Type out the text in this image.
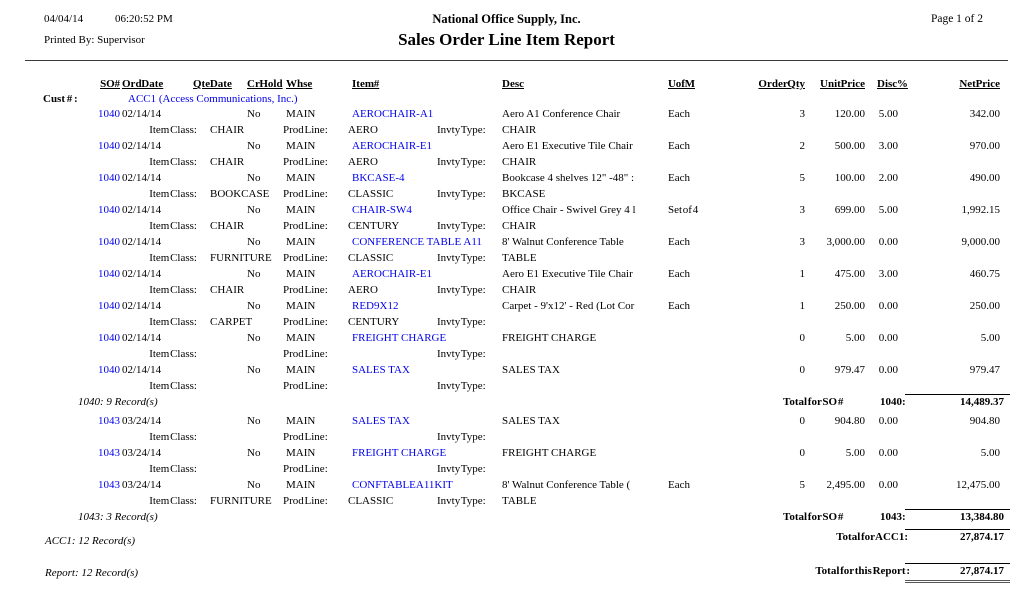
04/04/14	06:20:52 PM
Printed By: Supervisor
National Office Supply, Inc.
Sales Order Line Item Report
Page 1 of 2
SO # Ord Date	Qte Date Cr Hold Whse	Item #	Desc	U of M	Order Qty	Unit Price Disc %	Net Price
Cust # :	ACC1 (Access Communications, Inc.)
1040 02/14/14	No MAIN	AEROCHAIR-A1	Aero A1 Conference Chair	Each	3	120.00	5.00	342.00
Item Class: CHAIR	Prod Line: AERO	Invty Type: CHAIR
1040 02/14/14	No MAIN	AEROCHAIR-E1	Aero E1 Executive Tile Chair	Each	2	500.00	3.00	970.00
Item Class: CHAIR	Prod Line: AERO	Invty Type: CHAIR
1040 02/14/14	No MAIN	BKCASE-4	Bookcase 4 shelves 12" -48" :	Each	5	100.00	2.00	490.00
Item Class: BOOKCASE Prod Line: CLASSIC	Invty Type: BKCASE
1040 02/14/14	No MAIN	CHAIR-SW4	Office Chair - Swivel Grey 4 l	Set of 4	3	699.00	5.00	1,992.15
Item Class: CHAIR	Prod Line: CENTURY	Invty Type: CHAIR
1040 02/14/14	No MAIN	CONFERENCE TABLE A11	8' Walnut Conference Table	Each	3	3,000.00	0.00	9,000.00
Item Class: FURNITURE Prod Line: CLASSIC	Invty Type: TABLE
1040 02/14/14	No MAIN	AEROCHAIR-E1	Aero E1 Executive Tile Chair	Each	1	475.00	3.00	460.75
Item Class: CHAIR	Prod Line: AERO	Invty Type: CHAIR
1040 02/14/14	No MAIN	RED9X12	Carpet - 9'x12' - Red (Lot Cor	Each	1	250.00	0.00	250.00
Item Class: CARPET	Prod Line: CENTURY	Invty Type:
1040 02/14/14	No MAIN	FREIGHT CHARGE	FREIGHT CHARGE	0	5.00	0.00	5.00
Item Class:	Prod Line:	Invty Type:
1040 02/14/14	No MAIN	SALES TAX	SALES TAX	0	979.47	0.00	979.47
Item Class:	Prod Line:	Invty Type:
1040: 9 Record(s)	Total for SO #	1040:	14,489.37
1043 03/24/14	No MAIN	SALES TAX	SALES TAX	0	904.80	0.00	904.80
Item Class:	Prod Line:	Invty Type:
1043 03/24/14	No MAIN	FREIGHT CHARGE	FREIGHT CHARGE	0	5.00	0.00	5.00
Item Class:	Prod Line:	Invty Type:
1043 03/24/14	No MAIN	CONFTABLEA11KIT	8' Walnut Conference Table (	Each	5	2,495.00	0.00	12,475.00
Item Class: FURNITURE Prod Line: CLASSIC	Invty Type: TABLE
1043: 3 Record(s)	Total for SO #	1043:	13,384.80
ACC1: 12 Record(s)	Total for ACC1:	27,874.17
Report: 12 Record(s)	Total for this Report :	27,874.17
